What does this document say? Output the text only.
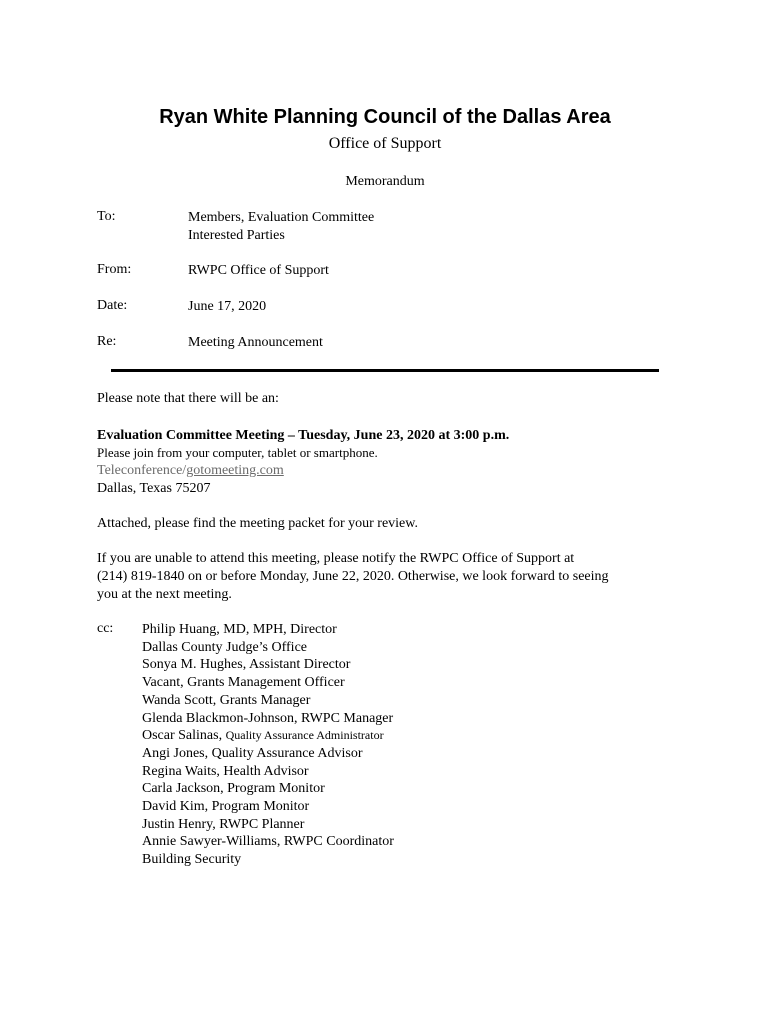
Ryan White Planning Council of the Dallas Area
Office of Support
Memorandum
To:	Members, Evaluation Committee
Interested Parties
From:	RWPC Office of Support
Date:	June 17, 2020
Re:	Meeting Announcement
Please note that there will be an:
Evaluation Committee Meeting – Tuesday, June 23, 2020 at 3:00 p.m.
Please join from your computer, tablet or smartphone.
Teleconference/gotomeeting.com
Dallas, Texas 75207
Attached, please find the meeting packet for your review.
If you are unable to attend this meeting, please notify the RWPC Office of Support at
(214) 819-1840 on or before Monday, June 22, 2020. Otherwise, we look forward to seeing
you at the next meeting.
cc: Philip Huang, MD, MPH, Director
Dallas County Judge’s Office
Sonya M. Hughes, Assistant Director
Vacant, Grants Management Officer
Wanda Scott, Grants Manager
Glenda Blackmon-Johnson, RWPC Manager
Oscar Salinas, Quality Assurance Administrator
Angi Jones, Quality Assurance Advisor
Regina Waits, Health Advisor
Carla Jackson, Program Monitor
David Kim, Program Monitor
Justin Henry, RWPC Planner
Annie Sawyer-Williams, RWPC Coordinator
Building Security
